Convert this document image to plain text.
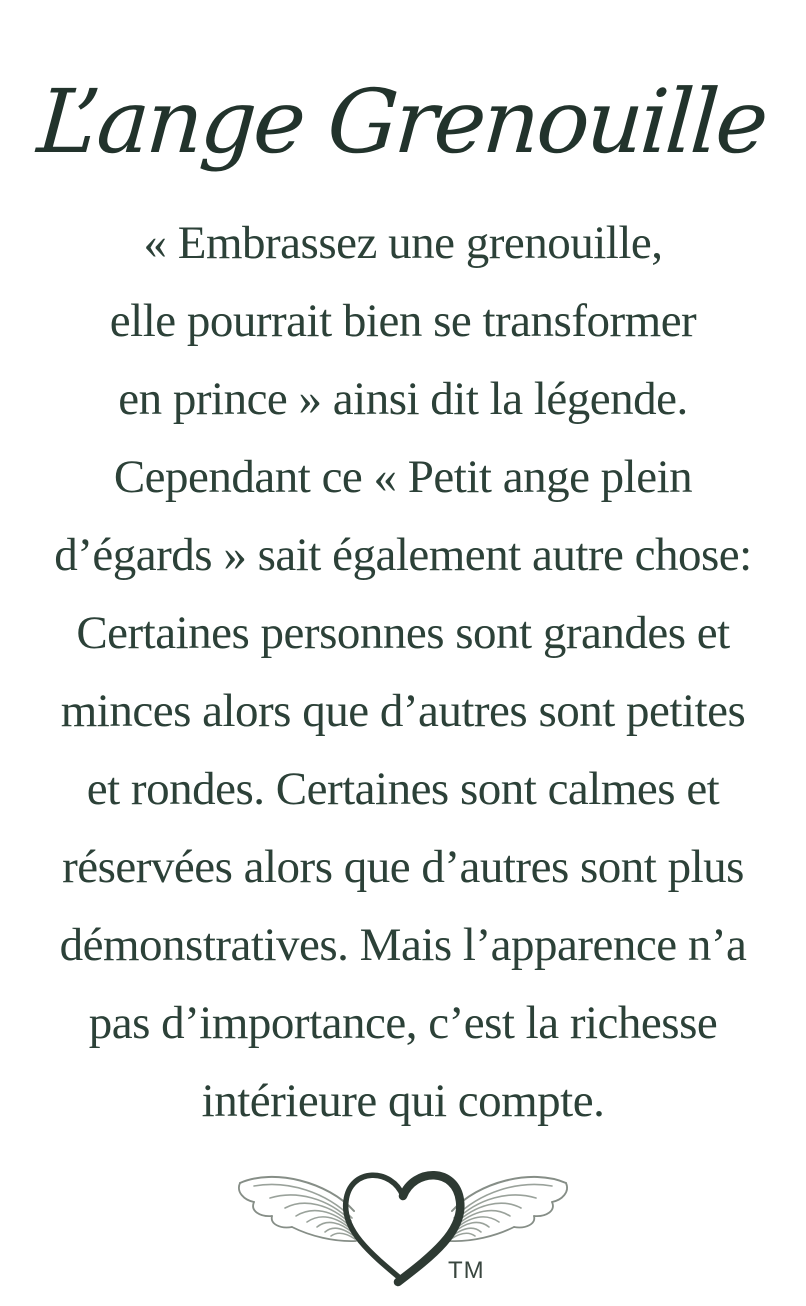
L’ange Grenouille

« Embrassez une grenouille,

elle pourrait bien se transformer

en prince » ainsi dit la légende.

Cependant ce « Petit ange plein

d’égards » sait également autre chose:

Certaines personnes sont grandes et

minces alors que d’autres sont petites

et rondes. Certaines sont calmes et

réservées alors que d’autres sont plus

démonstratives. Mais l’apparence n’a

pas d’importance, c’est la richesse

intérieure qui compte.

TM
